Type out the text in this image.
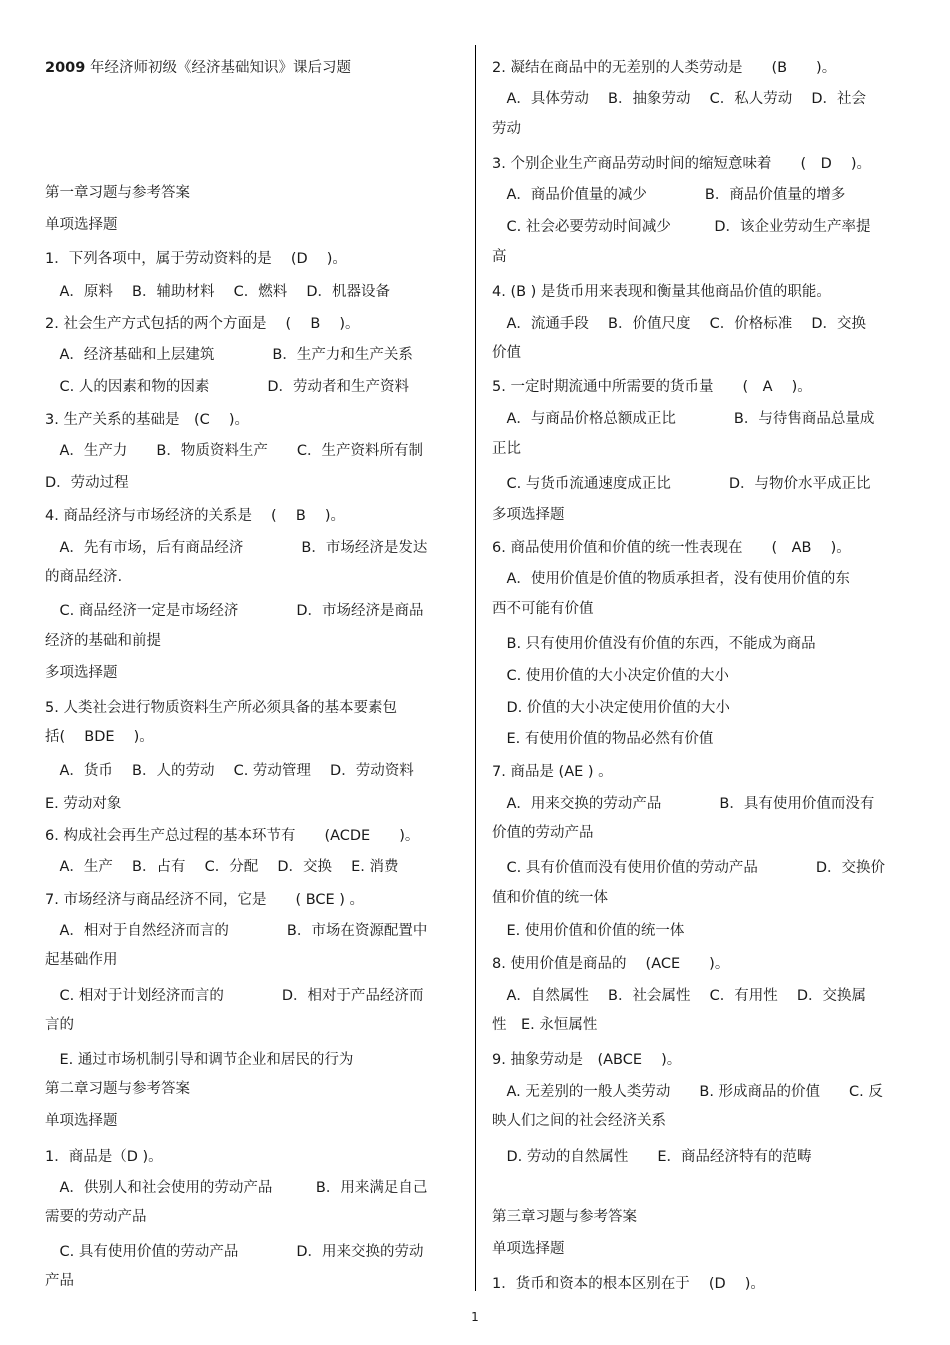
2009 年经济师初级《经济基础知识》课后习题
第一章习题与参考答案
单项选择题
1．下列各项中，属于劳动资料的是　 (D　 )。
　A．原料　 B．辅助材料　 C．燃料　 D．机器设备
2. 社会生产方式包括的两个方面是　 ( 　B　 )。
　A．经济基础和上层建筑　　　　B．生产力和生产关系
　C. 人的因素和物的因素　　　　D．劳动者和生产资料
3. 生产关系的基础是　(C　 )。
　A．生产力　　B．物质资料生产　　C．生产资料所有制
D．劳动过程
4. 商品经济与市场经济的关系是　 ( 　B　 )。
　A．先有市场，后有商品经济　　　　B．市场经济是发达
的商品经济.
　C. 商品经济一定是市场经济　　　　D．市场经济是商品
经济的基础和前提
多项选择题
5. 人类社会进行物质资料生产所必须具备的基本要素包
括(　 BDE　 )。
　A．货币　 B．人的劳动　 C. 劳动管理　 D．劳动资料
E. 劳动对象
6. 构成社会再生产总过程的基本环节有　　(ACDE　　)。
　A．生产　 B．占有　 C．分配　 D．交换　 E. 消费
7. 市场经济与商品经济不同，它是　　( BCE ) 。
　A．相对于自然经济而言的　　　　B．市场在资源配置中
起基础作用
　C. 相对于计划经济而言的　　　　D．相对于产品经济而
言的
　E. 通过市场机制引导和调节企业和居民的行为
第二章习题与参考答案
单项选择题
1．商品是（D )。
　A．供别人和社会使用的劳动产品　　　B．用来满足自己
需要的劳动产品
　C. 具有使用价值的劳动产品　　　　D．用来交换的劳动
产品
2. 凝结在商品中的无差别的人类劳动是　　(B　　)。
　A．具体劳动　 B．抽象劳动　 C．私人劳动　 D．社会
劳动
3. 个别企业生产商品劳动时间的缩短意味着　　(　D　 )。
　A．商品价值量的减少　　　　B．商品价值量的增多
　C. 社会必要劳动时间减少　　　D．该企业劳动生产率提
高
4. (B ) 是货币用来表现和衡量其他商品价值的职能。
　A．流通手段　 B．价值尺度　 C．价格标准　 D．交换
价值
5. 一定时期流通中所需要的货币量　　(　A　 )。
　A．与商品价格总额成正比　　　　B．与待售商品总量成
正比
　C. 与货币流通速度成正比　　　　D．与物价水平成正比
多项选择题
6. 商品使用价值和价值的统一性表现在　　(　AB　 )。
　A．使用价值是价值的物质承担者，没有使用价值的东
西不可能有价值
　B. 只有使用价值没有价值的东西，不能成为商品
　C. 使用价值的大小决定价值的大小
　D. 价值的大小决定使用价值的大小
　E. 有使用价值的物品必然有价值
7. 商品是 (AE ) 。
　A．用来交换的劳动产品　　　　B．具有使用价值而没有
价值的劳动产品
　C. 具有价值而没有使用价值的劳动产品　　　　D．交换价
值和价值的统一体
　E. 使用价值和价值的统一体
8. 使用价值是商品的　 (ACE　　)。
　A．自然属性　 B．社会属性　 C．有用性　 D．交换属
性　E. 永恒属性
9. 抽象劳动是　(ABCE　 )。
　A. 无差别的一般人类劳动　　B. 形成商品的价值　　C. 反
映人们之间的社会经济关系
　D. 劳动的自然属性　　E．商品经济特有的范畴
第三章习题与参考答案
单项选择题
1．货币和资本的根本区别在于　 (D　 )。
1
